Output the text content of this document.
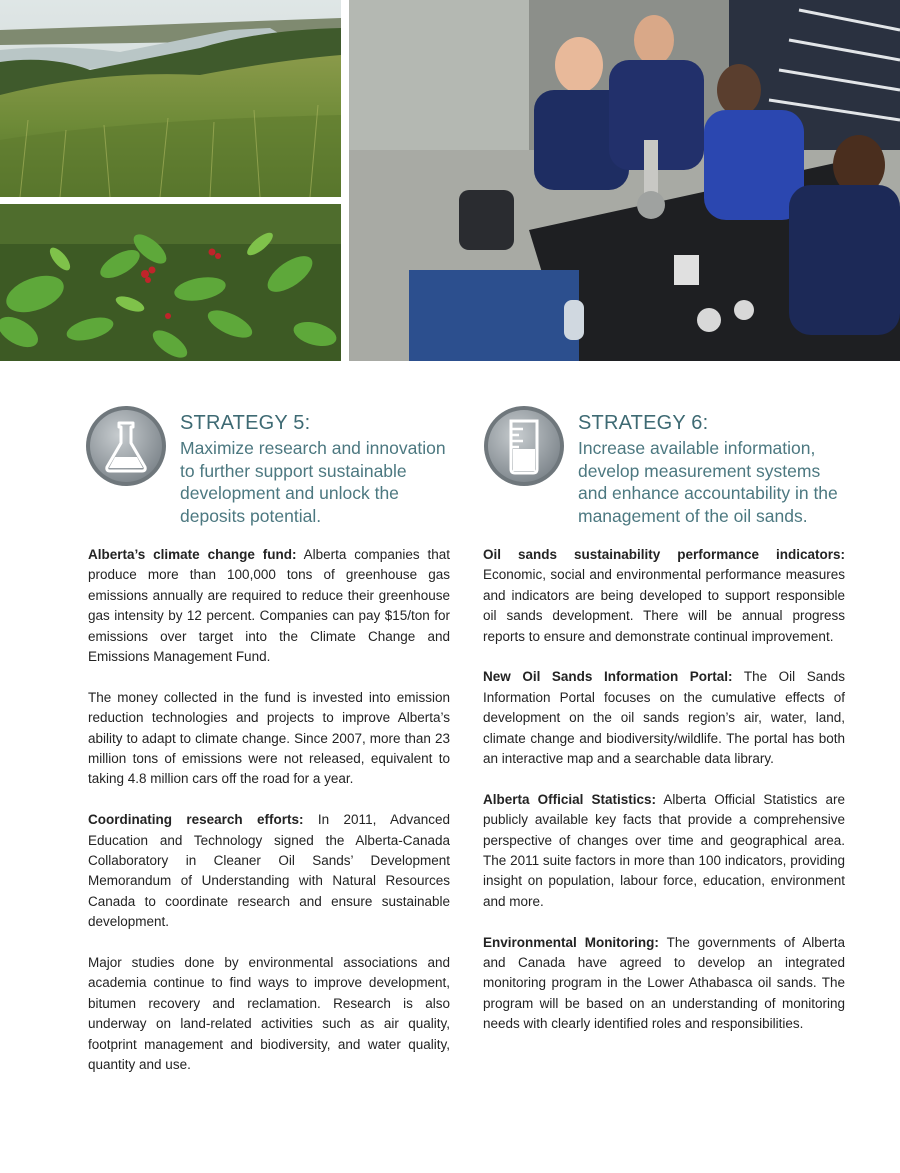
STRATEGY 5:
Maximize research and innovation
to further support sustainable
development and unlock the
deposits potential.
STRATEGY 6:
Increase available information,
develop measurement systems
and enhance accountability in the
management of the oil sands.

Alberta’s climate change fund: Alberta companies that produce more than 100,000 tons of greenhouse gas emissions annually are required to reduce their greenhouse gas intensity by 12 percent. Companies can pay $15/ton for emissions over target into the Climate Change and Emissions Management Fund.

The money collected in the fund is invested into emission reduction technologies and projects to improve Alberta’s ability to adapt to climate change. Since 2007, more than 23 million tons of emissions were not released, equivalent to taking 4.8 million cars off the road for a year.

Coordinating research efforts: In 2011, Advanced Education and Technology signed the Alberta-Canada Collaboratory in Cleaner Oil Sands’ Development Memorandum of Understanding with Natural Resources Canada to coordinate research and ensure sustainable development.

Major studies done by environmental associations and academia continue to find ways to improve development, bitumen recovery and reclamation. Research is also underway on land-related activities such as air quality, footprint management and biodiversity, and water quality, quantity and use.

Oil sands sustainability performance indicators: Economic, social and environmental performance measures and indicators are being developed to support responsible oil sands development. There will be annual progress reports to ensure and demonstrate continual improvement.

New Oil Sands Information Portal: The Oil Sands Information Portal focuses on the cumulative effects of development on the oil sands region’s air, water, land, climate change and biodiversity/wildlife. The portal has both an interactive map and a searchable data library.

Alberta Official Statistics: Alberta Official Statistics are publicly available key facts that provide a comprehensive perspective of changes over time and geographical area. The 2011 suite factors in more than 100 indicators, providing insight on population, labour force, education, environment and more.

Environmental Monitoring: The governments of Alberta and Canada have agreed to develop an integrated monitoring program in the Lower Athabasca oil sands. The program will be based on an understanding of monitoring needs with clearly identified roles and responsibilities.
